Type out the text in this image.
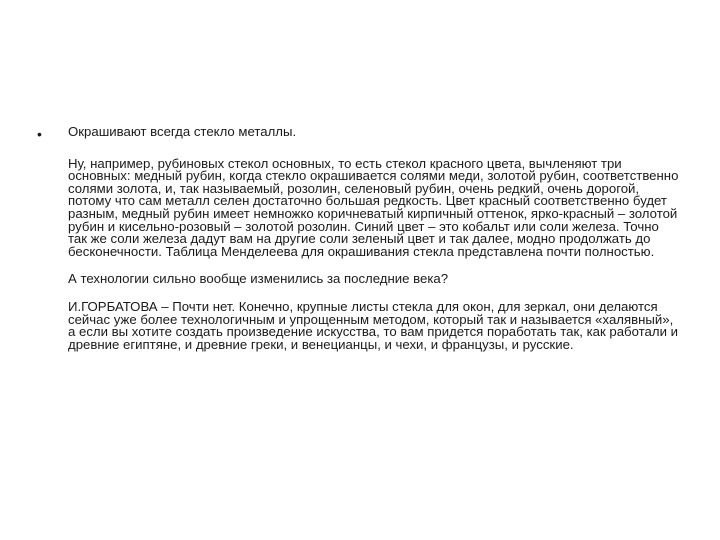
• Окрашивают всегда стекло металлы.

Ну, например, рубиновых стекол основных, то есть стекол красного цвета, вычленяют три основных: медный рубин, когда стекло окрашивается солями меди, золотой рубин, соответственно солями золота, и, так называемый, розолин, селеновый рубин, очень редкий, очень дорогой, потому что сам металл селен достаточно большая редкость. Цвет красный соответственно будет разным, медный рубин имеет немножко коричневатый кирпичный оттенок, ярко-красный – золотой рубин и кисельно-розовый – золотой розолин. Синий цвет – это кобальт или соли железа. Точно так же соли железа дадут вам на другие соли зеленый цвет и так далее, модно продолжать до бесконечности. Таблица Менделеева для окрашивания стекла представлена почти полностью.

А технологии сильно вообще изменились за последние века?

И.ГОРБАТОВА – Почти нет. Конечно, крупные листы стекла для окон, для зеркал, они делаются сейчас уже более технологичным и упрощенным методом, который так и называется «халявный», а если вы хотите создать произведение искусства, то вам придется поработать так, как работали и древние египтяне, и древние греки, и венецианцы, и чехи, и французы, и русские.
